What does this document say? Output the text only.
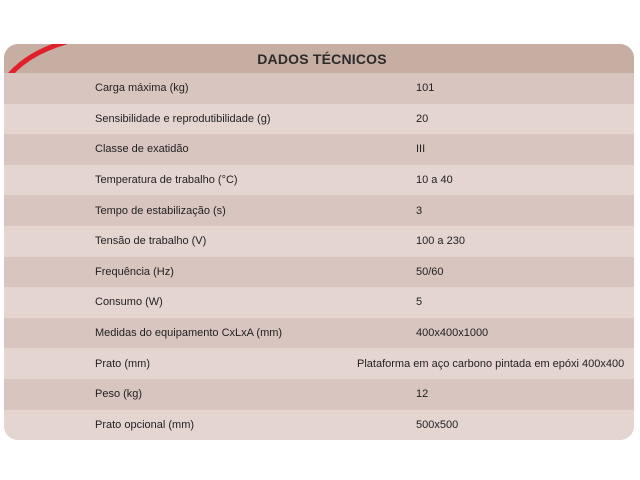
DADOS TÉCNICOS
Carga máxima (kg)	101
Sensibilidade e reprodutibilidade (g)	20
Classe de exatidão	III
Temperatura de trabalho (°C)	10 a 40
Tempo de estabilização (s)	3
Tensão de trabalho (V)	100 a 230
Frequência (Hz)	50/60
Consumo (W)	5
Medidas do equipamento CxLxA (mm)	400x400x1000
Prato (mm)	Plataforma em aço carbono pintada em epóxi 400x400
Peso (kg)	12
Prato opcional (mm)	500x500
